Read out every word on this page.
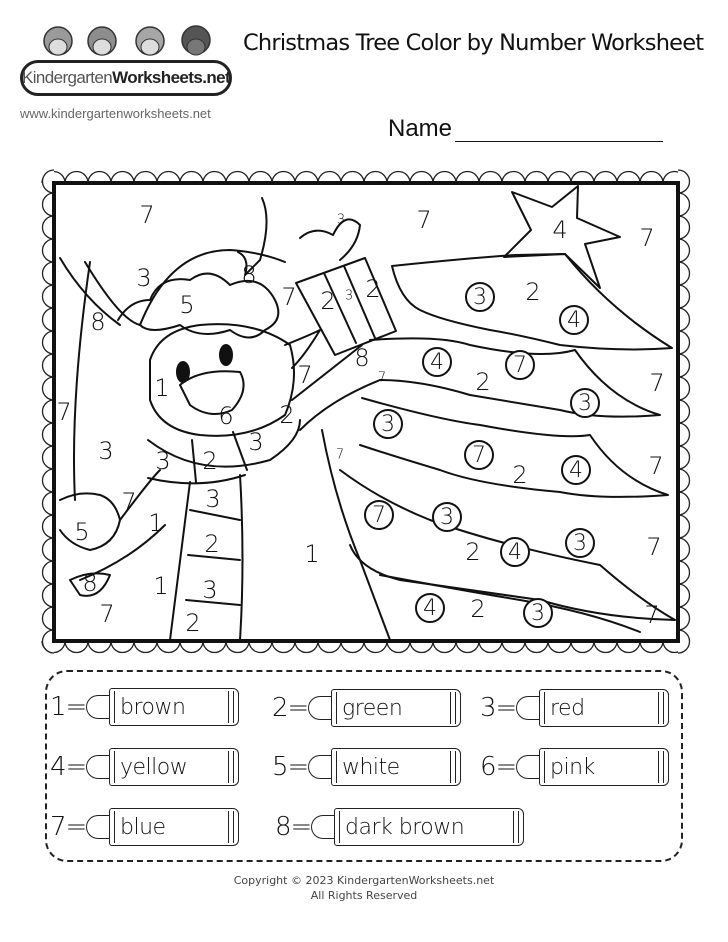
Kindergarten Worksheets.net
www.kindergartenworksheets.net
Christmas Tree Color by Number Worksheet
Name
7
3
8
5
8
7
3
2 3 2
7	4	7
3	2
4
1	7
8
7
4	7
2
3
7
6 2
7
3 3 2
3
3
7
2	4	7
7
3
7
5 1
2
7	3
1	2	4	3	7
8 1 3
7	2
4	2	3	7
1= brown	2= green	3= red
4= yellow	5= white	6= pink
7= blue	8= dark brown
Copyright © 2023 KindergartenWorksheets.net
All Rights Reserved
